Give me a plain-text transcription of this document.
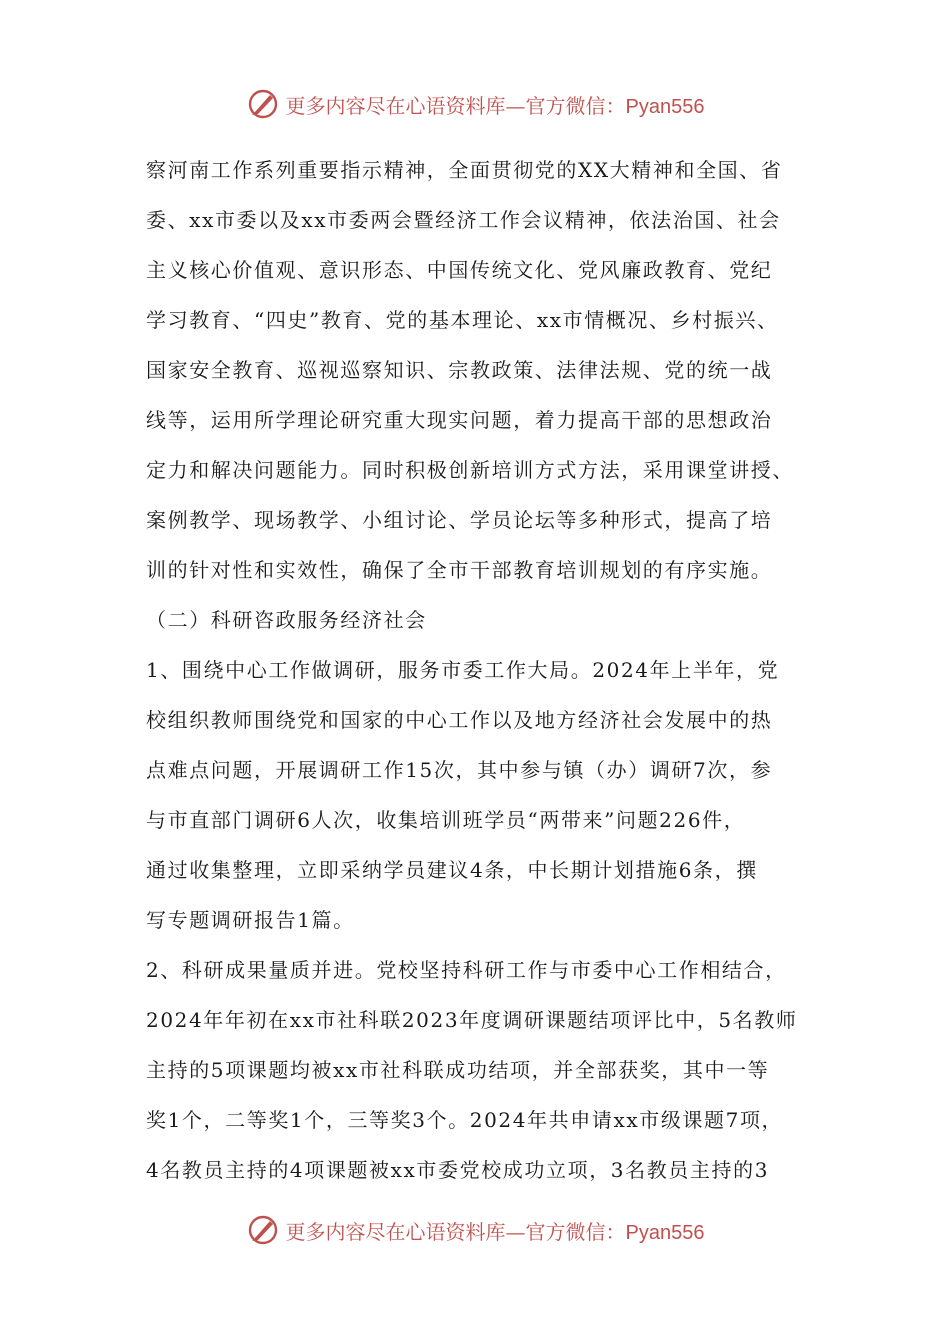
更多内容尽在心语资料库—官方微信：Pyan556
察河南工作系列重要指示精神，全面贯彻党的XX大精神和全国、省
委、xx市委以及xx市委两会暨经济工作会议精神，依法治国、社会
主义核心价值观、意识形态、中国传统文化、党风廉政教育、党纪
学习教育、“四史”教育、党的基本理论、xx市情概况、乡村振兴、
国家安全教育、巡视巡察知识、宗教政策、法律法规、党的统一战
线等，运用所学理论研究重大现实问题，着力提高干部的思想政治
定力和解决问题能力。同时积极创新培训方式方法，采用课堂讲授、
案例教学、现场教学、小组讨论、学员论坛等多种形式，提高了培
训的针对性和实效性，确保了全市干部教育培训规划的有序实施。
（二）科研咨政服务经济社会
1、围绕中心工作做调研，服务市委工作大局。2024年上半年，党
校组织教师围绕党和国家的中心工作以及地方经济社会发展中的热
点难点问题，开展调研工作15次，其中参与镇（办）调研7次，参
与市直部门调研6人次，收集培训班学员“两带来”问题226件，
通过收集整理，立即采纳学员建议4条，中长期计划措施6条，撰
写专题调研报告1篇。
2、科研成果量质并进。党校坚持科研工作与市委中心工作相结合，
2024年年初在xx市社科联2023年度调研课题结项评比中，5名教师
主持的5项课题均被xx市社科联成功结项，并全部获奖，其中一等
奖1个，二等奖1个，三等奖3个。2024年共申请xx市级课题7项，
4名教员主持的4项课题被xx市委党校成功立项，3名教员主持的3
更多内容尽在心语资料库—官方微信：Pyan556
